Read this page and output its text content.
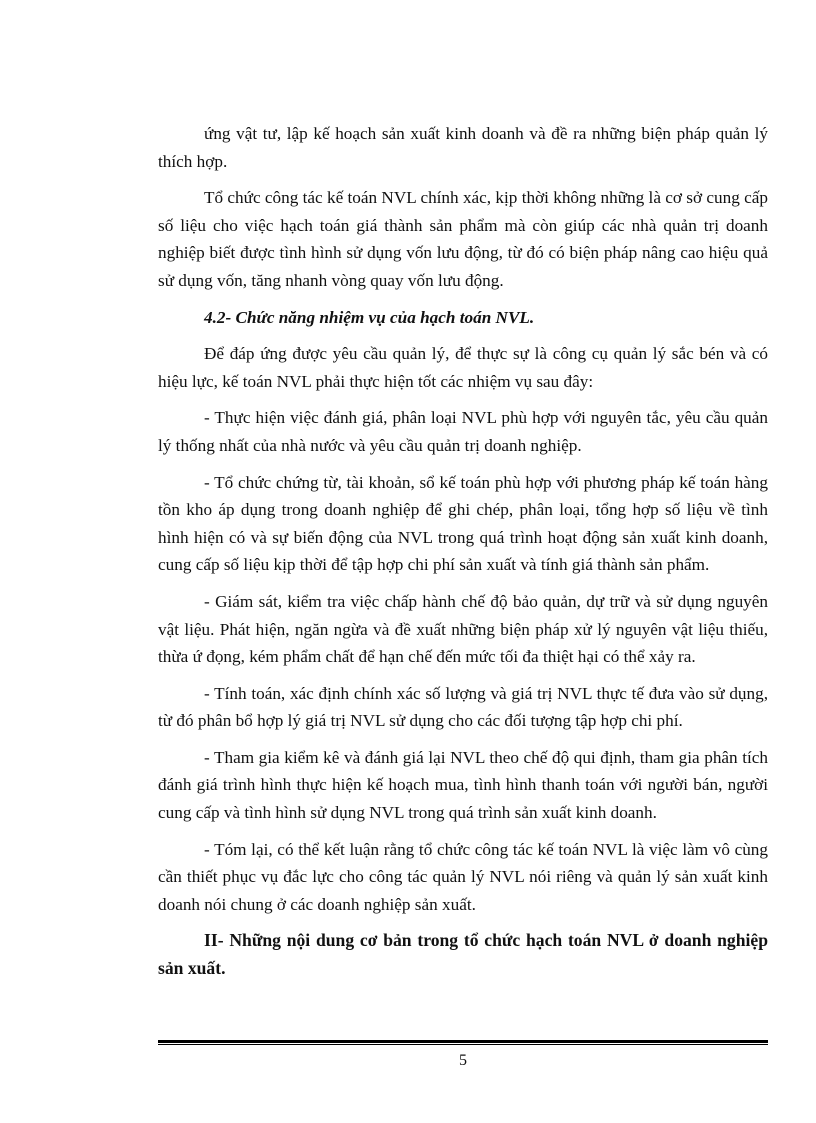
ứng vật tư, lập kế hoạch sản xuất kinh doanh và đề ra những biện pháp quản lý thích hợp.

Tổ chức công tác kế toán NVL chính xác, kịp thời không những là cơ sở cung cấp số liệu cho việc hạch toán giá thành sản phẩm mà còn giúp các nhà quản trị doanh nghiệp biết được tình hình sử dụng vốn lưu động, từ đó có biện pháp nâng cao hiệu quả sử dụng vốn, tăng nhanh vòng quay vốn lưu động.

4.2- Chức năng nhiệm vụ của hạch toán NVL.

Để đáp ứng được yêu cầu quản lý, để thực sự là công cụ quản lý sắc bén và có hiệu lực, kế toán NVL phải thực hiện tốt các nhiệm vụ sau đây:

- Thực hiện việc đánh giá, phân loại NVL phù hợp với nguyên tắc, yêu cầu quản lý thống nhất của nhà nước và yêu cầu quản trị doanh nghiệp.

- Tổ chức chứng từ, tài khoản, sổ kế toán phù hợp với phương pháp kế toán hàng tồn kho áp dụng trong doanh nghiệp để ghi chép, phân loại, tổng hợp số liệu về tình hình hiện có và sự biến động của NVL trong quá trình hoạt động sản xuất kinh doanh, cung cấp số liệu kịp thời để tập hợp chi phí sản xuất và tính giá thành sản phẩm.

- Giám sát, kiểm tra việc chấp hành chế độ bảo quản, dự trữ và sử dụng nguyên vật liệu. Phát hiện, ngăn ngừa và đề xuất những biện pháp xử lý nguyên vật liệu thiếu, thừa ứ đọng, kém phẩm chất để hạn chế đến mức tối đa thiệt hại có thể xảy ra.

- Tính toán, xác định chính xác số lượng và giá trị NVL thực tế đưa vào sử dụng, từ đó phân bổ hợp lý giá trị NVL sử dụng cho các đối tượng tập hợp chi phí.

- Tham gia kiểm kê và đánh giá lại NVL theo chế độ qui định, tham gia phân tích đánh giá trình hình thực hiện kế hoạch mua, tình hình thanh toán với người bán, người cung cấp và tình hình sử dụng NVL trong quá trình sản xuất kinh doanh.

- Tóm lại, có thể kết luận rằng tổ chức công tác kế toán NVL là việc làm vô cùng cần thiết phục vụ đắc lực cho công tác quản lý NVL nói riêng và quản lý sản xuất kinh doanh nói chung ở các doanh nghiệp sản xuất.

II- Những nội dung cơ bản trong tổ chức hạch toán NVL ở doanh nghiệp sản xuất.

5
